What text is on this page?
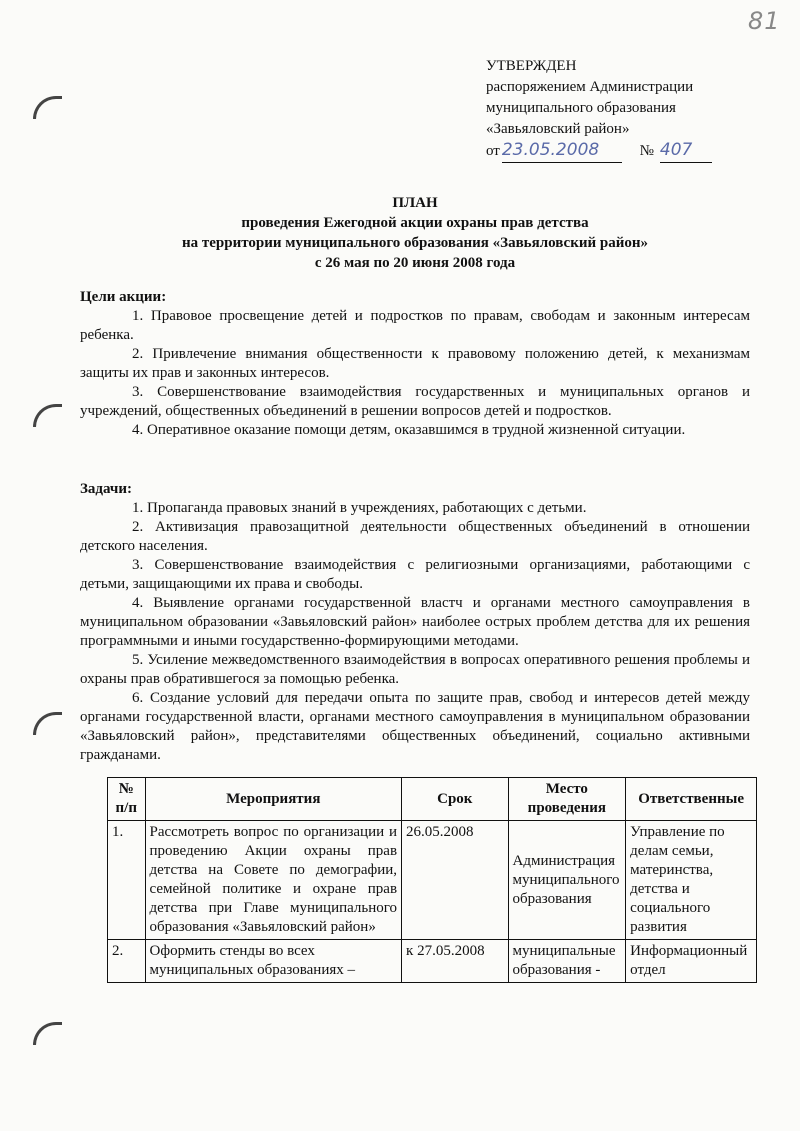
81
УТВЕРЖДЕН
распоряжением Администрации
муниципального образования
«Завьяловский район»
от 23.05.2008	№ 407
ПЛАН
проведения Ежегодной акции охраны прав детства
на территории муниципального образования «Завьяловский район»
с 26 мая по 20 июня 2008 года
Цели акции:

1. Правовое просвещение детей и подростков по правам, свободам и законным интересам ребенка.

2. Привлечение внимания общественности к правовому положению детей, к механизмам защиты их прав и законных интересов.

3. Совершенствование взаимодействия государственных и муниципальных органов и учреждений, общественных объединений в решении вопросов детей и подростков.

4. Оперативное оказание помощи детям, оказавшимся в трудной жизненной ситуации.

Задачи:

1. Пропаганда правовых знаний в учреждениях, работающих с детьми.

2. Активизация правозащитной деятельности общественных объединений в отношении детского населения.

3. Совершенствование взаимодействия с религиозными организациями, работающими с детьми, защищающими их права и свободы.

4. Выявление органами государственной властч и органами местного самоуправления в муниципальном образовании «Завьяловский район» наиболее острых проблем детства для их решения программными и иными государственно-формирующими методами.

5. Усиление межведомственного взаимодействия в вопросах оперативного решения проблемы и охраны прав обратившегося за помощью ребенка.

6. Создание условий для передачи опыта по защите прав, свобод и интересов детей между органами государственной власти, органами местного самоуправления в муниципальном образовании «Завьяловский район», представителями общественных объединений, социально активными гражданами.

№ п/п	Мероприятия	Срок	Место проведения	Ответственные
1.	Рассмотреть вопрос по организации и проведению Акции охраны прав детства на Совете по демографии, семейной политике и охране прав детства при Главе муниципального образования «Завьяловский район»	26.05.2008	Администрация муниципального образования	Управление по делам семьи, материнства, детства и социального развития
2.	Оформить стенды во всех муниципальных образованиях –	к 27.05.2008	муниципальные образования -	Информационный отдел
